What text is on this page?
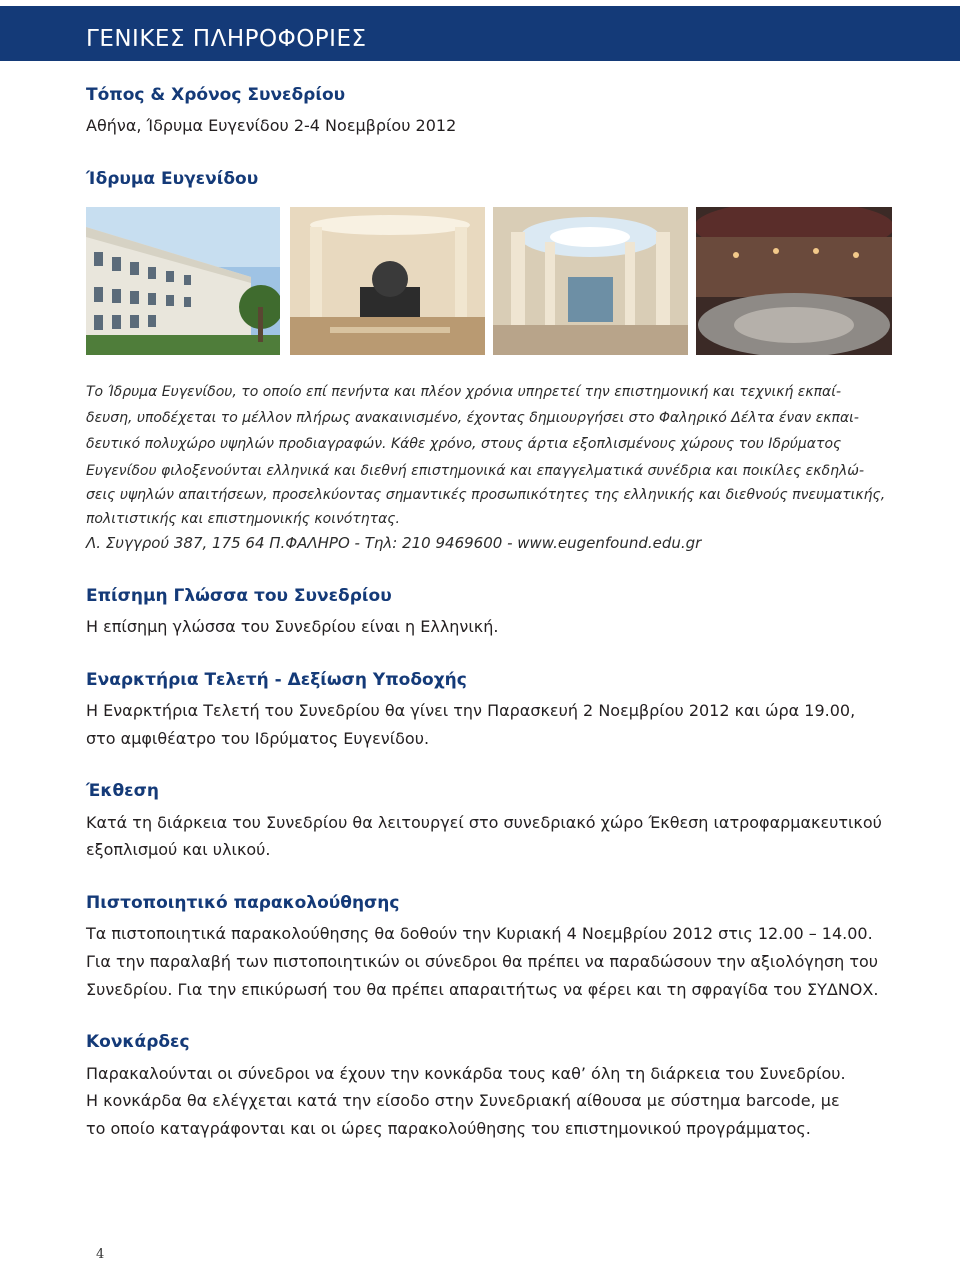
ΓΕΝΙΚΕΣ ΠΛΗΡΟΦΟΡΙΕΣ
Τόπος & Χρόνος Συνεδρίου

Αθήνα, Ίδρυμα Ευγενίδου 2-4 Νοεμβρίου 2012

Ίδρυμα Ευγενίδου

Το Ίδρυμα Ευγενίδου, το οποίο επί πενήντα και πλέον χρόνια υπηρετεί την επιστημονική και τεχνική εκπαί-

δευση, υποδέχεται το μέλλον πλήρως ανακαινισμένο, έχοντας δημιουργήσει στο Φαληρικό Δέλτα έναν εκπαι-

δευτικό πολυχώρο υψηλών προδιαγραφών. Κάθε χρόνο, στους άρτια εξοπλισμένους χώρους του Ιδρύματος

Ευγενίδου φιλοξενούνται ελληνικά και διεθνή επιστημονικά και επαγγελματικά συνέδρια και ποικίλες εκδηλώ-

σεις υψηλών απαιτήσεων, προσελκύοντας σημαντικές προσωπικότητες της ελληνικής και διεθνούς πνευματικής,

πολιτιστικής και επιστημονικής κοινότητας.

Λ. Συγγρού 387, 175 64 Π.ΦΑΛΗΡΟ - Τηλ: 210 9469600 - www.eugenfound.edu.gr

Επίσημη Γλώσσα του Συνεδρίου

Η επίσημη γλώσσα του Συνεδρίου είναι η Ελληνική.

Εναρκτήρια Τελετή - Δεξίωση Υποδοχής

Η Εναρκτήρια Τελετή του Συνεδρίου θα γίνει την Παρασκευή 2 Νοεμβρίου 2012 και ώρα 19.00,

στο αμφιθέατρο του Ιδρύματος Ευγενίδου.

Έκθεση

Κατά τη διάρκεια του Συνεδρίου θα λειτουργεί στο συνεδριακό χώρο Έκθεση ιατροφαρμακευτικού

εξοπλισμού και υλικού.

Πιστοποιητικό παρακολούθησης

Τα πιστοποιητικά παρακολούθησης θα δοθούν την Κυριακή 4 Νοεμβρίου 2012 στις 12.00 – 14.00.

Για την παραλαβή των πιστοποιητικών οι σύνεδροι θα πρέπει να παραδώσουν την αξιολόγηση του

Συνεδρίου. Για την επικύρωσή του θα πρέπει απαραιτήτως να φέρει και τη σφραγίδα του ΣΥΔΝΟΧ.

Κονκάρδες

Παρακαλούνται οι σύνεδροι να έχουν την κονκάρδα τους καθ’ όλη τη διάρκεια του Συνεδρίου.

Η κονκάρδα θα ελέγχεται κατά την είσοδο στην Συνεδριακή αίθουσα με σύστημα barcode, με

το οποίο καταγράφονται και οι ώρες παρακολούθησης του επιστημονικού προγράμματος.

4
